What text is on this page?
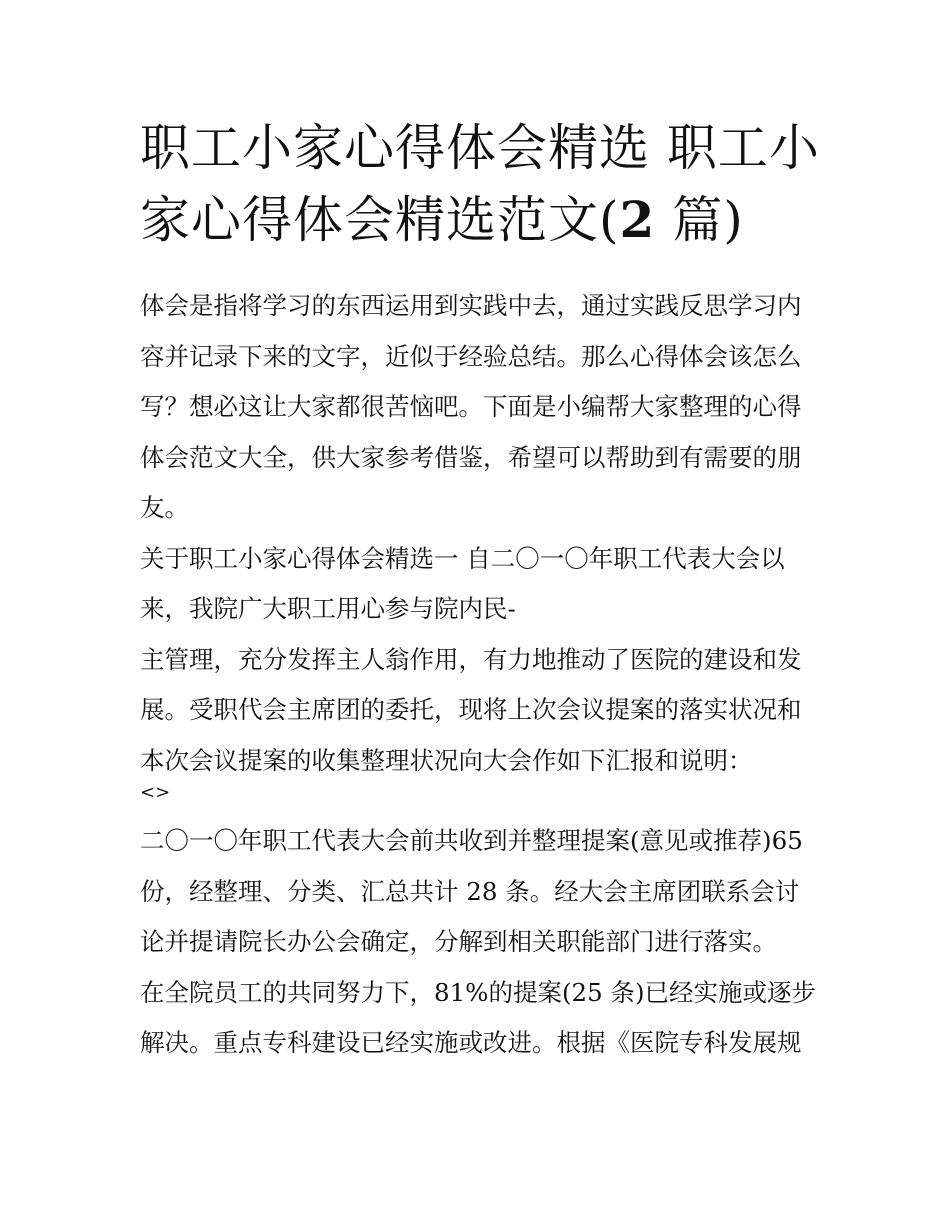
职工小家心得体会精选 职工小
家心得体会精选范文(2 篇)

体会是指将学习的东西运用到实践中去，通过实践反思学习内容并记录下来的文字，近似于经验总结。那么心得体会该怎么写？想必这让大家都很苦恼吧。下面是小编帮大家整理的心得体会范文大全，供大家参考借鉴，希望可以帮助到有需要的朋友。

关于职工小家心得体会精选一 自二〇一〇年职工代表大会以来，我院广大职工用心参与院内民-

主管理，充分发挥主人翁作用，有力地推动了医院的建设和发展。受职代会主席团的委托，现将上次会议提案的落实状况和本次会议提案的收集整理状况向大会作如下汇报和说明：

<>

二〇一〇年职工代表大会前共收到并整理提案(意见或推荐)65份，经整理、分类、汇总共计 28 条。经大会主席团联系会讨论并提请院长办公会确定，分解到相关职能部门进行落实。

在全院员工的共同努力下，81%的提案(25 条)已经实施或逐步解决。重点专科建设已经实施或改进。根据《医院专科发展规
